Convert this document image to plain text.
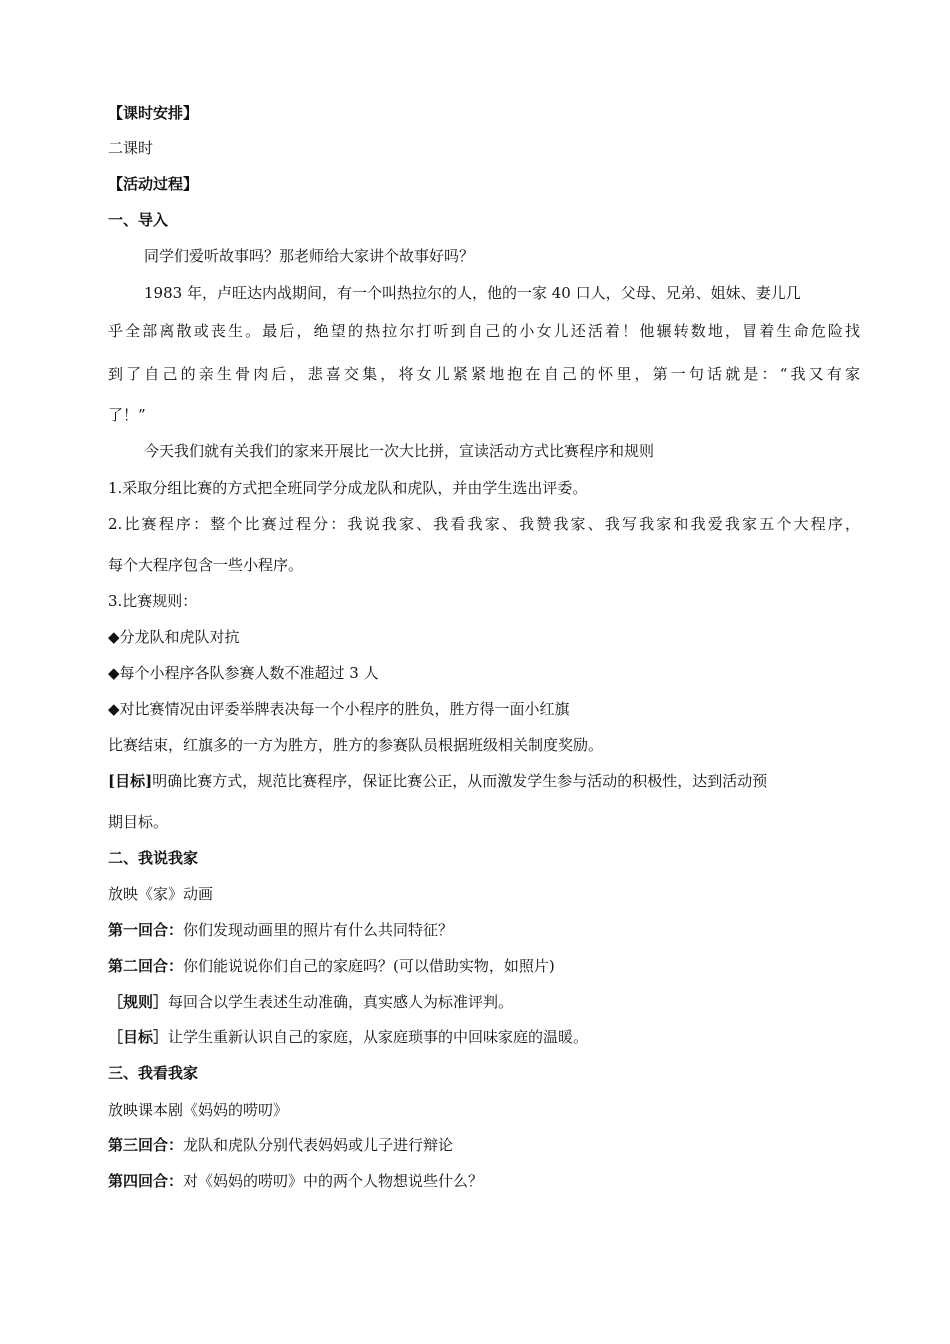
【课时安排】
二课时
【活动过程】
一、导入
同学们爱听故事吗？那老师给大家讲个故事好吗？
1983 年，卢旺达内战期间，有一个叫热拉尔的人，他的一家 40 口人，父母、兄弟、姐妹、妻儿几
乎全部离散或丧生。最后，绝望的热拉尔打听到自己的小女儿还活着！他辗转数地，冒着生命危险找
到了自己的亲生骨肉后，悲喜交集，将女儿紧紧地抱在自己的怀里，第一句话就是：“我又有家
了！”
今天我们就有关我们的家来开展比一次大比拼，宣读活动方式比赛程序和规则
1.采取分组比赛的方式把全班同学分成龙队和虎队，并由学生选出评委。
2.比赛程序：整个比赛过程分：我说我家、我看我家、我赞我家、我写我家和我爱我家五个大程序，
每个大程序包含一些小程序。
3.比赛规则：
◆分龙队和虎队对抗
◆每个小程序各队参赛人数不准超过 3 人
◆对比赛情况由评委举牌表决每一个小程序的胜负，胜方得一面小红旗
比赛结束，红旗多的一方为胜方，胜方的参赛队员根据班级相关制度奖励。
[目标]明确比赛方式，规范比赛程序，保证比赛公正，从而激发学生参与活动的积极性，达到活动预
期目标。
二、我说我家
放映《家》动画
第一回合：你们发现动画里的照片有什么共同特征？
第二回合：你们能说说你们自己的家庭吗？(可以借助实物，如照片)
［规则］每回合以学生表述生动准确，真实感人为标准评判。
［目标］让学生重新认识自己的家庭，从家庭琐事的中回味家庭的温暖。
三、我看我家
放映课本剧《妈妈的唠叨》
第三回合：龙队和虎队分别代表妈妈或儿子进行辩论
第四回合：对《妈妈的唠叨》中的两个人物想说些什么？
